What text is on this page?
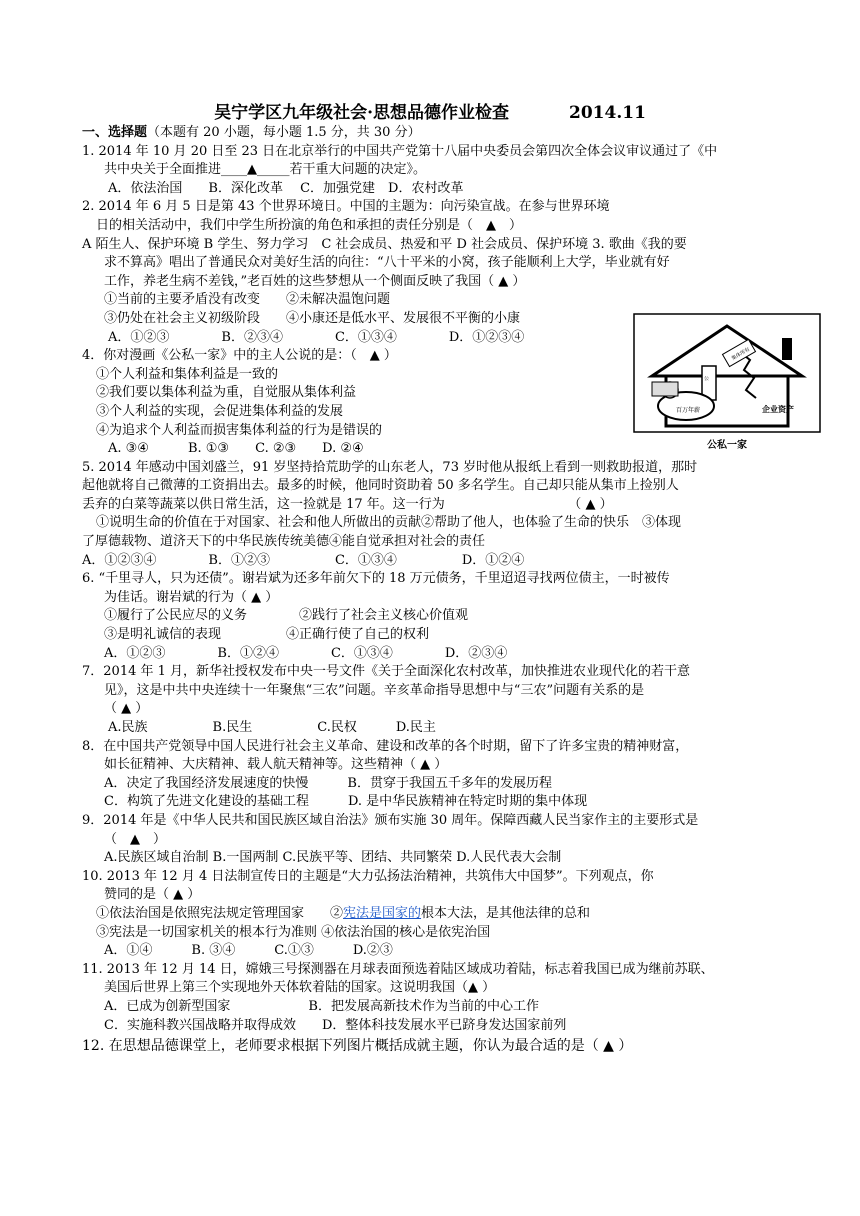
吴宁学区九年级社会·思想品德作业检查	2014.11
一、选择题（本题有 20 小题，每小题 1.5 分，共 30 分）
1. 2014 年 10 月 20 日至 23 日在北京举行的中国共产党第十八届中央委员会第四次全体会议审议通过了《中
共中央关于全面推进____▲_____若干重大问题的决定》。
A．依法治国　　B．深化改革　 C．加强党建　D．农村改革
2. 2014 年 6 月 5 日是第 43 个世界环境日。中国的主题为：向污染宣战。在参与世界环境
日的相关活动中，我们中学生所扮演的角色和承担的责任分别是（　▲　）
A 陌生人、保护环境 B 学生、努力学习　C 社会成员、热爱和平 D 社会成员、保护环境 3. 歌曲《我的要
求不算高》唱出了普通民众对美好生活的向往：“八十平米的小窝，孩子能顺利上大学，毕业就有好
工作，养老生病不差钱，”老百姓的这些梦想从一个侧面反映了我国（ ▲ ）
①当前的主要矛盾没有改变　　②未解决温饱问题
③仍处在社会主义初级阶段　　④小康还是低水平、发展很不平衡的小康
A．①②③　　　　B．②③④　　　　C．①③④　　　　D．①②③④
4．你对漫画《公私一家》中的主人公说的是：（　▲ ）
①个人利益和集体利益是一致的
②我们要以集体利益为重，自觉服从集体利益
③个人利益的实现，会促进集体利益的发展
④为追求个人利益而损害集体利益的行为是错误的
A. ③④　　　B. ①③　　C. ②③　　D. ②④
5. 2014 年感动中国刘盛兰，91 岁坚持拾荒助学的山东老人，73 岁时他从报纸上看到一则救助报道，那时
起他就将自己微薄的工资捐出去。最多的时候，他同时资助着 50 多名学生。自己却只能从集市上捡别人
丢弃的白菜等蔬菜以供日常生活，这一捡就是 17 年。这一行为　　　　　　　　　　（ ▲ ）
①说明生命的价值在于对国家、社会和他人所做出的贡献②帮助了他人，也体验了生命的快乐　③体现
了厚德载物、道济天下的中华民族传统美德④能自觉承担对社会的责任
A．①②③④　　　　B．①②③　　　　　C．①③④　　　　　D．①②④
6. “千里寻人，只为还债”。谢岩斌为还多年前欠下的 18 万元债务，千里迢迢寻找两位债主，一时被传
为佳话。谢岩斌的行为（ ▲ ）
①履行了公民应尽的义务　　　　②践行了社会主义核心价值观
③是明礼诚信的表现　　　　　④正确行使了自己的权利
A．①②③　　　　B．①②④　　　　C．①③④　　　　D．②③④
7．2014 年 1 月，新华社授权发布中央一号文件《关于全面深化农村改革，加快推进农业现代化的若干意
见》，这是中共中央连续十一年聚焦“三农”问题。辛亥革命指导思想中与“三农”问题有关系的是
（ ▲ ）
A.民族　　　　　B.民生　　　　　C.民权　　　D.民主
8．在中国共产党领导中国人民进行社会主义革命、建设和改革的各个时期，留下了许多宝贵的精神财富，
如长征精神、大庆精神、载人航天精神等。这些精神（ ▲ ）
A．决定了我国经济发展速度的快慢　　　B．贯穿于我国五千多年的发展历程
C．构筑了先进文化建设的基础工程　　　D. 是中华民族精神在特定时期的集中体现
9．2014 年是《中华人民共和国民族区域自治法》颁布实施 30 周年。保障西藏人民当家作主的主要形式是
（　▲　）
A.民族区域自治制 B.一国两制 C.民族平等、团结、共同繁荣 D.人民代表大会制
10. 2013 年 12 月 4 日法制宣传日的主题是“大力弘扬法治精神，共筑伟大中国梦”。下列观点，你
赞同的是（ ▲ ）
①依法治国是依照宪法规定管理国家　　②宪法是国家的根本大法，是其他法律的总和
③宪法是一切国家机关的根本行为准则 ④依法治国的核心是依宪治国
A．①④　　　B. ③④　　　C.①③　　　D.②③
11. 2013 年 12 月 14 日，嫦娥三号探测器在月球表面预选着陆区域成功着陆，标志着我国已成为继前苏联、
美国后世界上第三个实现地外天体软着陆的国家。这说明我国（▲ ）
A．已成为创新型国家　　　　　　B．把发展高新技术作为当前的中心工作
C．实施科教兴国战略并取得成效　　D．整体科技发展水平已跻身发达国家前列
12. 在思想品德课堂上，老师要求根据下列图片概括成就主题，你认为最合适的是（ ▲ ）
集体所有
公
百万年薪	企业资产
公私一家
